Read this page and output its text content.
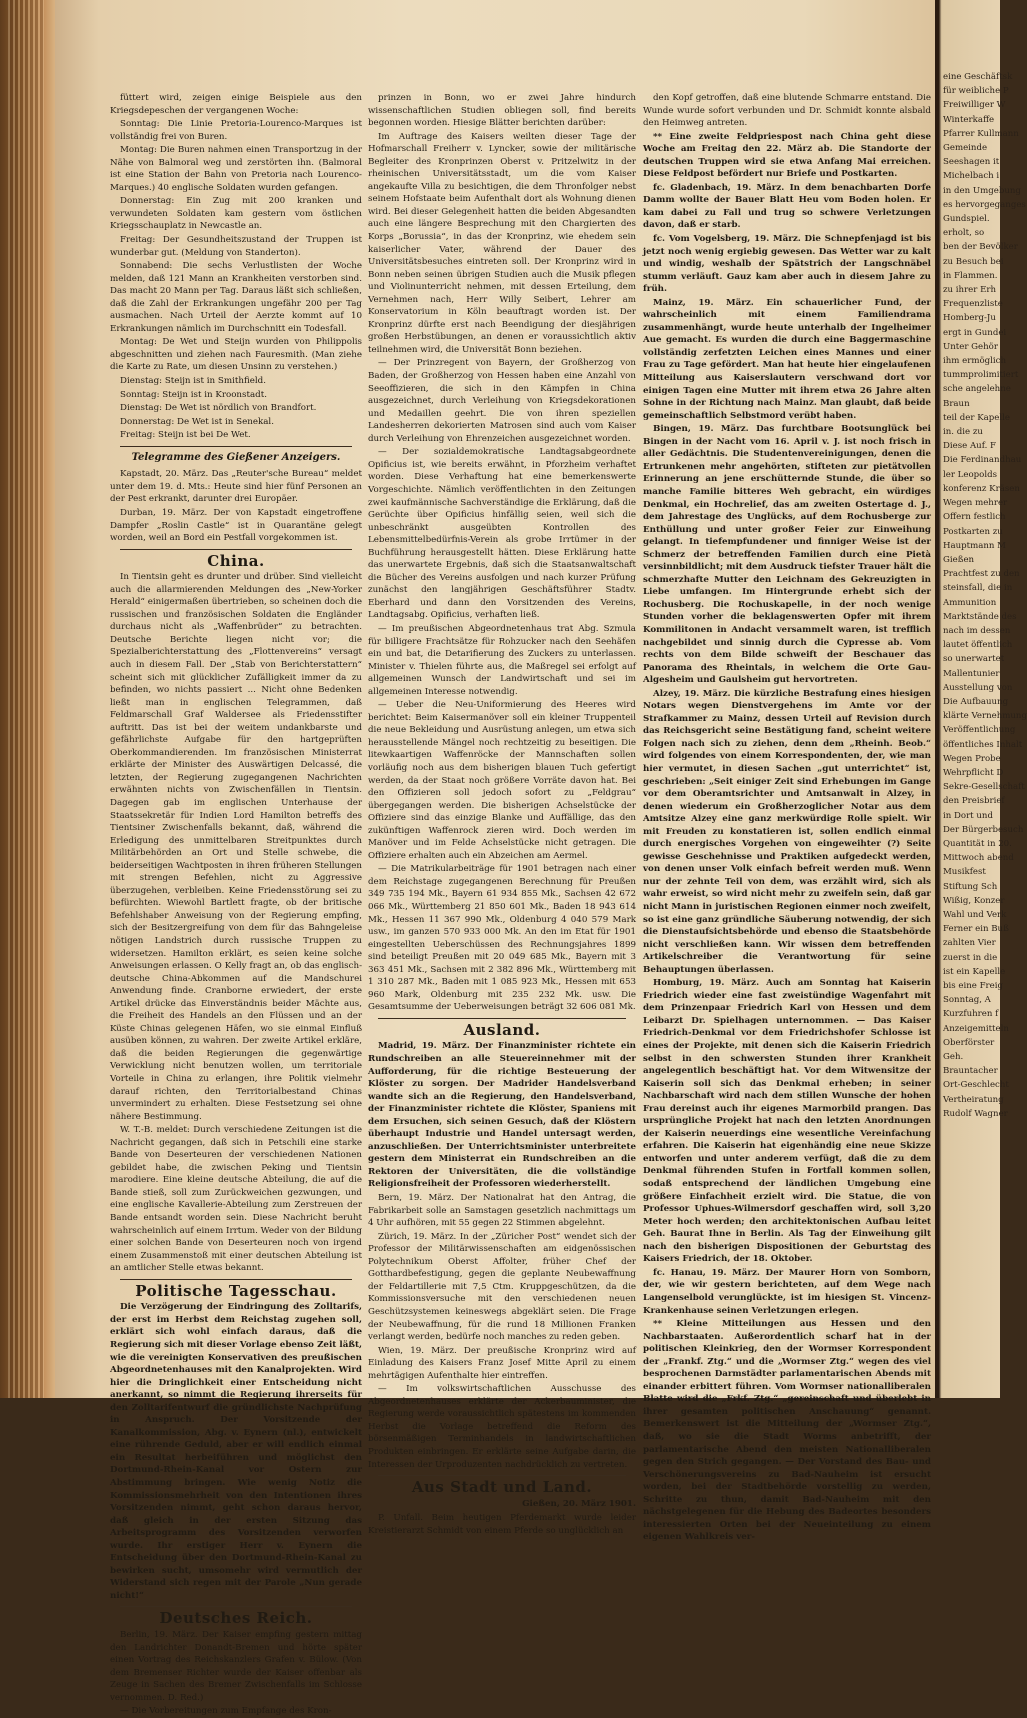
füttert wird, zeigen einige Beispiele aus den Kriegsdepeschen der vergangenen Woche:

Sonntag: Die Linie Pretoria-Lourenco-Marques ist vollständig frei von Buren.

Montag: Die Buren nahmen einen Transportzug in der Nähe von Balmoral weg und zerstörten ihn. (Balmoral ist eine Station der Bahn von Pretoria nach Lourenco-Marques.) 40 englische Soldaten wurden gefangen.

Donnerstag: Ein Zug mit 200 kranken und verwundeten Soldaten kam gestern vom östlichen Kriegsschauplatz in Newcastle an.

Freitag: Der Gesundheitszustand der Truppen ist wunderbar gut. (Meldung von Standerton).

Sonnabend: Die sechs Verlustlisten der Woche melden, daß 121 Mann an Krankheiten verstorben sind. Das macht 20 Mann per Tag. Daraus läßt sich schließen, daß die Zahl der Erkrankungen ungefähr 200 per Tag ausmachen. Nach Urteil der Aerzte kommt auf 10 Erkrankungen nämlich im Durchschnitt ein Todesfall.

Montag: De Wet und Steijn wurden von Philippolis abgeschnitten und ziehen nach Fauresmith. (Man ziehe die Karte zu Rate, um diesen Unsinn zu verstehen.)

Dienstag: Steijn ist in Smithfield.

Sonntag: Steijn ist in Kroonstadt.

Dienstag: De Wet ist nördlich von Brandfort.

Donnerstag: De Wet ist in Senekal.

Freitag: Steijn ist bei De Wet.

Telegramme des Gießener Anzeigers.

Kapstadt, 20. März. Das „Reuter'sche Bureau“ meldet unter dem 19. d. Mts.: Heute sind hier fünf Personen an der Pest erkrankt, darunter drei Europäer.

Durban, 19. März. Der von Kapstadt eingetroffene Dampfer „Roslin Castle“ ist in Quarantäne gelegt worden, weil an Bord ein Pestfall vorgekommen ist.

China.

In Tientsin geht es drunter und drüber. Sind vielleicht auch die allarmierenden Meldungen des „New-Yorker Herald“ einigermaßen übertrieben, so scheinen doch die russischen und französischen Soldaten die Engländer durchaus nicht als „Waffenbrüder“ zu betrachten. Deutsche Berichte liegen nicht vor; die Spezialberichterstattung des „Flottenvereins“ versagt auch in diesem Fall. Der „Stab von Berichterstattern“ scheint sich mit glücklicher Zufälligkeit immer da zu befinden, wo nichts passiert ... Nicht ohne Bedenken ließt man in englischen Telegrammen, daß Feldmarschall Graf Waldersee als Friedensstifter auftritt. Das ist bei der weitem undankbarste und gefährlichste Aufgabe für den hartgeprüften Oberkommandierenden. Im französischen Ministerrat erklärte der Minister des Auswärtigen Delcassé, die letzten, der Regierung zugegangenen Nachrichten erwähnten nichts von Zwischenfällen in Tientsin. Dagegen gab im englischen Unterhause der Staatssekretär für Indien Lord Hamilton betreffs des Tientsiner Zwischenfalls bekannt, daß, während die Erledigung des unmittelbaren Streitpunktes durch Militärbehörden an Ort und Stelle schwebe, die beiderseitigen Wachtposten in ihren früheren Stellungen mit strengen Befehlen, nicht zu Aggressive überzugehen, verbleiben. Keine Friedensstörung sei zu befürchten. Wiewohl Bartlett fragte, ob der britische Befehlshaber Anweisung von der Regierung empfing, sich der Besitzergreifung von dem für das Bahngeleise nötigen Landstrich durch russische Truppen zu widersetzen. Hamilton erklärt, es seien keine solche Anweisungen erlassen. O Kelly fragt an, ob das englisch-deutsche China-Abkommen auf die Mandschurei Anwendung finde. Cranborne erwiedert, der erste Artikel drücke das Einverständnis beider Mächte aus, die Freiheit des Handels an den Flüssen und an der Küste Chinas gelegenen Häfen, wo sie einmal Einfluß ausüben können, zu wahren. Der zweite Artikel erkläre, daß die beiden Regierungen die gegenwärtige Verwicklung nicht benutzen wollen, um territoriale Vorteile in China zu erlangen, ihre Politik vielmehr darauf richten, den Territorialbestand Chinas unvermindert zu erhalten. Diese Festsetzung sei ohne nähere Bestimmung.

W. T.-B. meldet: Durch verschiedene Zeitungen ist die Nachricht gegangen, daß sich in Petschili eine starke Bande von Deserteuren der verschiedenen Nationen gebildet habe, die zwischen Peking und Tientsin marodiere. Eine kleine deutsche Abteilung, die auf die Bande stieß, soll zum Zurückweichen gezwungen, und eine englische Kavallerie-Abteilung zum Zerstreuen der Bande entsandt worden sein. Diese Nachricht beruht wahrscheinlich auf einem Irrtum. Weder von der Bildung einer solchen Bande von Deserteuren noch von irgend einem Zusammenstoß mit einer deutschen Abteilung ist an amtlicher Stelle etwas bekannt.

Politische Tagesschau.

Die Verzögerung der Eindringung des Zolltarifs, der erst im Herbst dem Reichstag zugehen soll, erklärt sich wohl einfach daraus, daß die Regierung sich mit dieser Vorlage ebenso Zeit läßt, wie die vereinigten Konservativen des preußischen Abgeordnetenhauses mit den Kanalprojekten. Wird hier die Dringlichkeit einer Entscheidung nicht anerkannt, so nimmt die Regierung ihrerseits für den Zolltarifentwurf die gründlichste Nachprüfung in Anspruch. Der Vorsitzende der Kanalkommission, Abg. v. Eynern (nl.), entwickelt eine rührende Geduld, aber er will endlich einmal ein Resultat herbeiführen und möglichst den Dortmund-Rhein-Kanal vor Ostern zur Abstimmung bringen. Wie wenig Notiz die Kommissionsmehrheit von den Intentionen ihres Vorsitzenden nimmt, geht schon daraus hervor, daß gleich in der ersten Sitzung das Arbeitsprogramm des Vorsitzenden verworfen wurde. Ihr erstiger Herr v. Eynern die Entscheidung über den Dortmund-Rhein-Kanal zu bewirken sucht, umsomehr wird vermutlich der Widerstand sich regen mit der Parole „Nun gerade nicht!“

Deutsches Reich.

Berlin, 19. März. Der Kaiser empfing gestern mittag den Landrichter Donandt-Bremen und hörte später einen Vortrag des Reichskanzlers Grafen v. Bülow. (Von dem Bremenser Richter wurde der Kaiser offenbar als Zeuge in Sachen des Bremer Zwischenfalls im Schlosse vernommen. D. Red.)

— Die Vorbereitungen zum Empfange des Kron-

prinzen in Bonn, wo er zwei Jahre hindurch wissenschaftlichen Studien obliegen soll, find bereits begonnen worden. Hiesige Blätter berichten darüber:

Im Auftrage des Kaisers weilten dieser Tage der Hofmarschall Freiherr v. Lyncker, sowie der militärische Begleiter des Kronprinzen Oberst v. Pritzelwitz in der rheinischen Universitätsstadt, um die vom Kaiser angekaufte Villa zu besichtigen, die dem Thronfolger nebst seinem Hofstaate beim Aufenthalt dort als Wohnung dienen wird. Bei dieser Gelegenheit hatten die beiden Abgesandten auch eine längere Besprechung mit den Chargierten des Korps „Borussia“, in das der Kronprinz, wie ehedem sein kaiserlicher Vater, während der Dauer des Universitätsbesuches eintreten soll. Der Kronprinz wird in Bonn neben seinen übrigen Studien auch die Musik pflegen und Violinunterricht nehmen, mit dessen Erteilung, dem Vernehmen nach, Herr Willy Seibert, Lehrer am Konservatorium in Köln beauftragt worden ist. Der Kronprinz dürfte erst nach Beendigung der diesjährigen großen Herbstübungen, an denen er voraussichtlich aktiv teilnehmen wird, die Universität Bonn beziehen.

— Der Prinzregent von Bayern, der Großherzog von Baden, der Großherzog von Hessen haben eine Anzahl von Seeoffizieren, die sich in den Kämpfen in China ausgezeichnet, durch Verleihung von Kriegsdekorationen und Medaillen geehrt. Die von ihren speziellen Landesherren dekorierten Matrosen sind auch vom Kaiser durch Verleihung von Ehrenzeichen ausgezeichnet worden.

— Der sozialdemokratische Landtagsabgeordnete Opificius ist, wie bereits erwähnt, in Pforzheim verhaftet worden. Diese Verhaftung hat eine bemerkenswerte Vorgeschichte. Nämlich veröffentlichten in den Zeitungen zwei kaufmännische Sachverständige die Erklärung, daß die Gerüchte über Opificius hinfällig seien, weil sich die unbeschränkt ausgeübten Kontrollen des Lebensmittelbedürfnis-Verein als grobe Irrtümer in der Buchführung herausgestellt hätten. Diese Erklärung hatte das unerwartete Ergebnis, daß sich die Staatsanwaltschaft die Bücher des Vereins ausfolgen und nach kurzer Prüfung zunächst den langjährigen Geschäftsführer Stadtv. Eberhard und dann den Vorsitzenden des Vereins, Landtagsabg. Opificius, verhaften ließ.

— Im preußischen Abgeordnetenhaus trat Abg. Szmula für billigere Frachtsätze für Rohzucker nach den Seehäfen ein und bat, die Detarifierung des Zuckers zu unterlassen. Minister v. Thielen führte aus, die Maßregel sei erfolgt auf allgemeinen Wunsch der Landwirtschaft und sei im allgemeinen Interesse notwendig.

— Ueber die Neu-Uniformierung des Heeres wird berichtet: Beim Kaisermanöver soll ein kleiner Truppenteil die neue Bekleidung und Ausrüstung anlegen, um etwa sich herausstellende Mängel noch rechtzeitig zu beseitigen. Die litewkaartigen Waffenröcke der Mannschaften sollen vorläufig noch aus dem bisherigen blauen Tuch gefertigt werden, da der Staat noch größere Vorräte davon hat. Bei den Offizieren soll jedoch sofort zu „Feldgrau“ übergegangen werden. Die bisherigen Achselstücke der Offiziere sind das einzige Blanke und Auffällige, das den zukünftigen Waffenrock zieren wird. Doch werden im Manöver und im Felde Achselstücke nicht getragen. Die Offiziere erhalten auch ein Abzeichen am Aermel.

— Die Matrikularbeiträge für 1901 betragen nach einer dem Reichstage zugegangenen Berechnung für Preußen 349 735 194 Mk., Bayern 61 934 855 Mk., Sachsen 42 672 066 Mk., Württemberg 21 850 601 Mk., Baden 18 943 614 Mk., Hessen 11 367 990 Mk., Oldenburg 4 040 579 Mark usw., im ganzen 570 933 000 Mk. An den im Etat für 1901 eingestellten Ueberschüssen des Rechnungsjahres 1899 sind beteiligt Preußen mit 20 049 685 Mk., Bayern mit 3 363 451 Mk., Sachsen mit 2 382 896 Mk., Württemberg mit 1 310 287 Mk., Baden mit 1 085 923 Mk., Hessen mit 653 960 Mark, Oldenburg mit 235 232 Mk. usw. Die Gesamtsumme der Ueberweisungen beträgt 32 606 081 Mk.

Ausland.

Madrid, 19. März. Der Finanzminister richtete ein Rundschreiben an alle Steuereinnehmer mit der Aufforderung, für die richtige Besteuerung der Klöster zu sorgen. Der Madrider Handelsverband wandte sich an die Regierung, den Handelsverband, der Finanzminister richtete die Klöster, Spaniens mit dem Ersuchen, sich seinen Gesuch, daß der Klöstern überhaupt Industrie und Handel untersagt werden, anzuschließen. Der Unterrichtsminister unterbreitete gestern dem Ministerrat ein Rundschreiben an die Rektoren der Universitäten, die die vollständige Religionsfreiheit der Professoren wiederherstellt.

Bern, 19. März. Der Nationalrat hat den Antrag, die Fabrikarbeit solle an Samstagen gesetzlich nachmittags um 4 Uhr aufhören, mit 55 gegen 22 Stimmen abgelehnt.

Zürich, 19. März. In der „Züricher Post“ wendet sich der Professor der Militärwissenschaften am eidgenössischen Polytechnikum Oberst Affolter, früher Chef der Gotthardbefestigung, gegen die geplante Neubewaffnung der Feldartillerie mit 7,5 Ctm. Kruppgeschützen, da die Kommissionsversuche mit den verschiedenen neuen Geschützsystemen keineswegs abgeklärt seien. Die Frage der Neubewaffnung, für die rund 18 Millionen Franken verlangt werden, bedürfe noch manches zu reden geben.

Wien, 19. März. Der preußische Kronprinz wird auf Einladung des Kaisers Franz Josef Mitte April zu einem mehrtägigen Aufenthalte hier eintreffen.

— Im volkswirtschaftlichen Ausschusse des Abgeordnetenhauses erklärte der Ackerbauminister, die Regierung werde voraussichtlich spätestens im kommenden Herbst die Vorlage betreffend die Reform des börsenmäßigen Terminhandels in landwirtschaftlichen Produkten einbringen. Er erklärte seine Aufgabe darin, die Interessen der Urproduzenten nachdrücklich zu vertreten.

Aus Stadt und Land.
Gießen, 20. März 1901.

P. Unfall. Beim heutigen Pferdemarkt wurde leider Kreistierarzt Schmidt von einem Pferde so unglücklich an

den Kopf getroffen, daß eine blutende Schmarre entstand. Die Wunde wurde sofort verbunden und Dr. Schmidt konnte alsbald den Heimweg antreten.

** Eine zweite Feldpriespost nach China geht diese Woche am Freitag den 22. März ab. Die Standorte der deutschen Truppen wird sie etwa Anfang Mai erreichen. Diese Feldpost befördert nur Briefe und Postkarten.

fc. Gladenbach, 19. März. In dem benachbarten Dorfe Damm wollte der Bauer Blatt Heu vom Boden holen. Er kam dabei zu Fall und trug so schwere Verletzungen davon, daß er starb.

fc. Vom Vogelsberg, 19. März. Die Schnepfenjagd ist bis jetzt noch wenig ergiebig gewesen. Das Wetter war zu kalt und windig, weshalb der Spätstrich der Langschnäbel stumm verläuft. Gauz kam aber auch in diesem Jahre zu früh.

Mainz, 19. März. Ein schauerlicher Fund, der wahrscheinlich mit einem Familiendrama zusammenhängt, wurde heute unterhalb der Ingelheimer Aue gemacht. Es wurden die durch eine Baggermaschine vollständig zerfetzten Leichen eines Mannes und einer Frau zu Tage gefördert. Man hat heute hier eingelaufenen Mitteilung aus Kaiserslautern verschwand dort vor einigen Tagen eine Mutter mit ihrem etwa 26 Jahre alten Sohne in der Richtung nach Mainz. Man glaubt, daß beide gemeinschaftlich Selbstmord verübt haben.

Bingen, 19. März. Das furchtbare Bootsunglück bei Bingen in der Nacht vom 16. April v. J. ist noch frisch in aller Gedächtnis. Die Studentenvereinigungen, denen die Ertrunkenen mehr angehörten, stifteten zur pietätvollen Erinnerung an jene erschütternde Stunde, die über so manche Familie bitteres Weh gebracht, ein würdiges Denkmal, ein Hochrelief, das am zweiten Ostertage d. J., dem Jahrestage des Unglücks, auf dem Rochusberge zur Enthüllung und unter großer Feier zur Einweihung gelangt. In tiefempfundener und finniger Weise ist der Schmerz der betreffenden Familien durch eine Pietà versinnbildlicht; mit dem Ausdruck tiefster Trauer hält die schmerzhafte Mutter den Leichnam des Gekreuzigten in Liebe umfangen. Im Hintergrunde erhebt sich der Rochusberg. Die Rochuskapelle, in der noch wenige Stunden vorher die beklagenswerten Opfer mit ihrem Kommilitonen in Andacht versammelt waren, ist trefflich nachgebildet und sinnig durch die Cypresse ab. Vom rechts von dem Bilde schweift der Beschauer das Panorama des Rheintals, in welchem die Orte Gau-Algesheim und Gaulsheim gut hervortreten.

Alzey, 19. März. Die kürzliche Bestrafung eines hiesigen Notars wegen Dienstvergehens im Amte vor der Strafkammer zu Mainz, dessen Urteil auf Revision durch das Reichsgericht seine Bestätigung fand, scheint weitere Folgen nach sich zu ziehen, denn dem „Rheinh. Beob.“ wird folgendes von einem Korrespondenten, der, wie man hier vermutet, in diesen Sachen „gut unterrichtet“ ist, geschrieben: „Seit einiger Zeit sind Erhebungen im Gange vor dem Oberamtsrichter und Amtsanwalt in Alzey, in denen wiederum ein Großherzoglicher Notar aus dem Amtsitze Alzey eine ganz merkwürdige Rolle spielt. Wir mit Freuden zu konstatieren ist, sollen endlich einmal durch energisches Vorgehen von eingeweihter (?) Seite gewisse Geschehnisse und Praktiken aufgedeckt werden, von denen unser Volk einfach befreit werden muß. Wenn nur der zehnte Teil von dem, was erzählt wird, sich als wahr erweist, so wird nicht mehr zu zweifeln sein, daß gar nicht Mann in juristischen Regionen einmer noch zweifelt, so ist eine ganz gründliche Säuberung notwendig, der sich die Dienstaufsichtsbehörde und ebenso die Staatsbehörde nicht verschließen kann. Wir wissen dem betreffenden Artikelschreiber die Verantwortung für seine Behauptungen überlassen.

Homburg, 19. März. Auch am Sonntag hat Kaiserin Friedrich wieder eine fast zweistündige Wagenfahrt mit dem Prinzenpaar Friedrich Karl von Hessen und dem Leibarzt Dr. Spielhagen unternommen. — Das Kaiser Friedrich-Denkmal vor dem Friedrichshofer Schlosse ist eines der Projekte, mit denen sich die Kaiserin Friedrich selbst in den schwersten Stunden ihrer Krankheit angelegentlich beschäftigt hat. Vor dem Witwensitze der Kaiserin soll sich das Denkmal erheben; in seiner Nachbarschaft wird nach dem stillen Wunsche der hohen Frau dereinst auch ihr eigenes Marmorbild prangen. Das ursprüngliche Projekt hat nach den letzten Anordnungen der Kaiserin neuerdings eine wesentliche Vereinfachung erfahren. Die Kaiserin hat eigenhändig eine neue Skizze entworfen und unter anderem verfügt, daß die zu dem Denkmal führenden Stufen in Fortfall kommen sollen, sodaß entsprechend der ländlichen Umgebung eine größere Einfachheit erzielt wird. Die Statue, die von Professor Uphues-Wilmersdorf geschaffen wird, soll 3,20 Meter hoch werden; den architektonischen Aufbau leitet Geh. Baurat Ihne in Berlin. Als Tag der Einweihung gilt nach den bisherigen Dispositionen der Geburtstag des Kaisers Friedrich, der 18. Oktober.

fc. Hanau, 19. März. Der Maurer Horn von Somborn, der, wie wir gestern berichteten, auf dem Wege nach Langenselbold verunglückte, ist im hiesigen St. Vincenz-Krankenhause seinen Verletzungen erlegen.

** Kleine Mitteilungen aus Hessen und den Nachbarstaaten. Außerordentlich scharf hat in der politischen Kleinkrieg, den der Wormser Korrespondent der „Frankf. Ztg.“ und die „Wormser Ztg.“ wegen des viel besprochenen Darmstädter parlamentarischen Abends mit einander erbittert führen. Vom Wormser nationalliberalen Blatte wird die „Frkf. Ztg.“ „gereinschaft und überlebt in ihrer gesamten politischen Anschauung“ genannt. Bemerkenswert ist die Mitteilung der „Wormser Ztg.“, daß, wo sie die Stadt Worms anbetrifft, der parlamentarische Abend den meisten Nationalliberalen gegen den Strich gegangen. — Der Vorstand des Bau- und Verschönerungsvereins zu Bad-Nauheim ist ersucht worden, bei der Stadtbehörde vorstellig zu werden, Schritte zu thun, damit Bad-Nauheim mit den nächstgelegenen für die Hebung des Badeortes besonders interessierten Orten bei der Neueinteilung zu einem eigenen Wahlkreis ver-

eine Geschäftsk
für weibliche P
Freiwilliger W
Winterkaffe
Pfarrer Kullmann
Gemeinde
Seeshagen it
Michelbach i
in den Umgebung
es hervorgeganges
Gundspiel.
erholt, so
ben der Bevölker
zu Besuch bei
in Flammen.
zu ihrer Erh
Frequenzliste
Homberg-Ju
ergt in Gundei
Unter Gehör
ihm ermöglich
tummprolimitiert
sche angelehne
Braun
teil der Kapelle
in. die zu
Diese Auf. F
Die Ferdinandhau
ler Leopolds
konferenz Kräsen
Wegen mehrer
Offern festlich
Postkarten zu
Hauptmann M
Gießen
Prachtfest zu den
steinsfall, die in
Ammunition
Marktstände des
nach im dessen
lautet öffentlich
so unerwartet
Mallentunier
Ausstellung von
Die Aufbauung
klärte Vernehmung
Veröffentlichung
öffentliches Inhalt
Wegen Probe
Wehrpflicht D
Sekre-Gesellschaft
den Preisbrief
in Dort und
Der Bürgerbesuch
Quantität in 20.
Mittwoch abend
Musikfest
Stiftung Sch
Wißig, Konzer
Wahl und Verk
Ferner ein Buß
zahlten Vier
zuerst in die
ist ein Kapelle
bis eine Freig
Sonntag, A
Kurzfuhren f
Anzeigemitteln
Oberförster
Geh.
Brauntacher
Ort-Geschlecht
Vertheiratung
Rudolf Wagner
